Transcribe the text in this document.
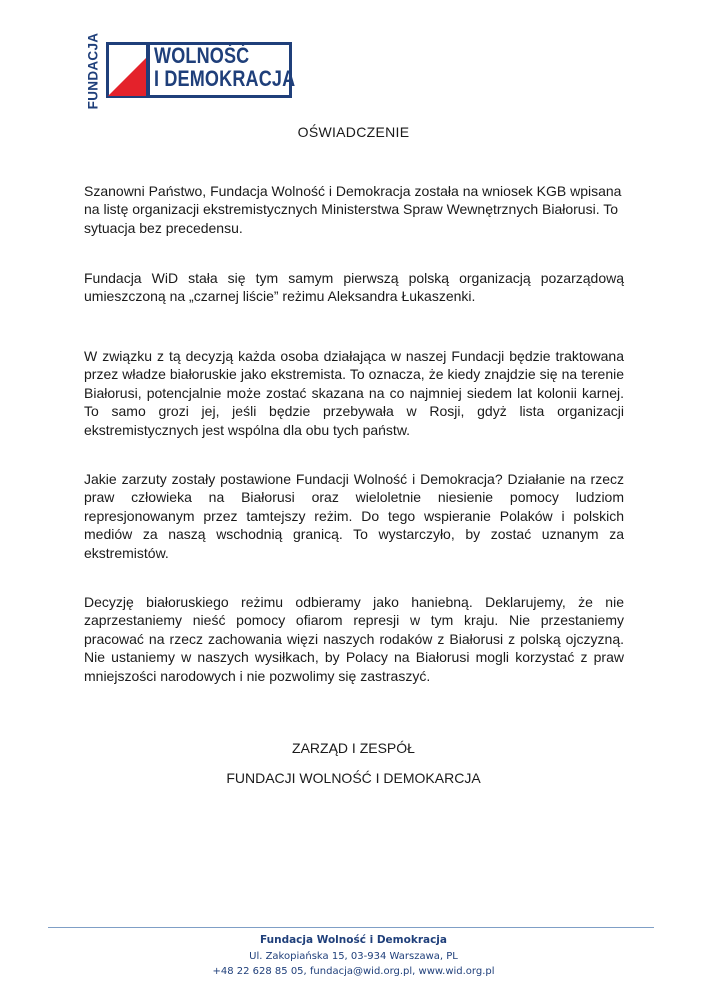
FUNDACJA WOLNOŚĆ
I DEMOKRACJA
OŚWIADCZENIE

Szanowni Państwo, Fundacja Wolność i Demokracja została na wniosek KGB wpisana na listę organizacji ekstremistycznych Ministerstwa Spraw Wewnętrznych Białorusi. To sytuacja bez precedensu.

Fundacja WiD stała się tym samym pierwszą polską organizacją pozarządową umieszczoną na „czarnej liście” reżimu Aleksandra Łukaszenki.

W związku z tą decyzją każda osoba działająca w naszej Fundacji będzie traktowana przez władze białoruskie jako ekstremista. To oznacza, że kiedy znajdzie się na terenie Białorusi, potencjalnie może zostać skazana na co najmniej siedem lat kolonii karnej. To samo grozi jej, jeśli będzie przebywała w Rosji, gdyż lista organizacji ekstremistycznych jest wspólna dla obu tych państw.

Jakie zarzuty zostały postawione Fundacji Wolność i Demokracja? Działanie na rzecz praw człowieka na Białorusi oraz wieloletnie niesienie pomocy ludziom represjonowanym przez tamtejszy reżim. Do tego wspieranie Polaków i polskich mediów za naszą wschodnią granicą. To wystarczyło, by zostać uznanym za ekstremistów.

Decyzję białoruskiego reżimu odbieramy jako haniebną. Deklarujemy, że nie zaprzestaniemy nieść pomocy ofiarom represji w tym kraju. Nie przestaniemy pracować na rzecz zachowania więzi naszych rodaków z Białorusi z polską ojczyzną. Nie ustaniemy w naszych wysiłkach, by Polacy na Białorusi mogli korzystać z praw mniejszości narodowych i nie pozwolimy się zastraszyć.

ZARZĄD I ZESPÓŁ
FUNDACJI WOLNOŚĆ I DEMOKARCJA
Fundacja Wolność i Demokracja
Ul. Zakopiańska 15, 03-934 Warszawa, PL
+48 22 628 85 05, fundacja@wid.org.pl, www.wid.org.pl
